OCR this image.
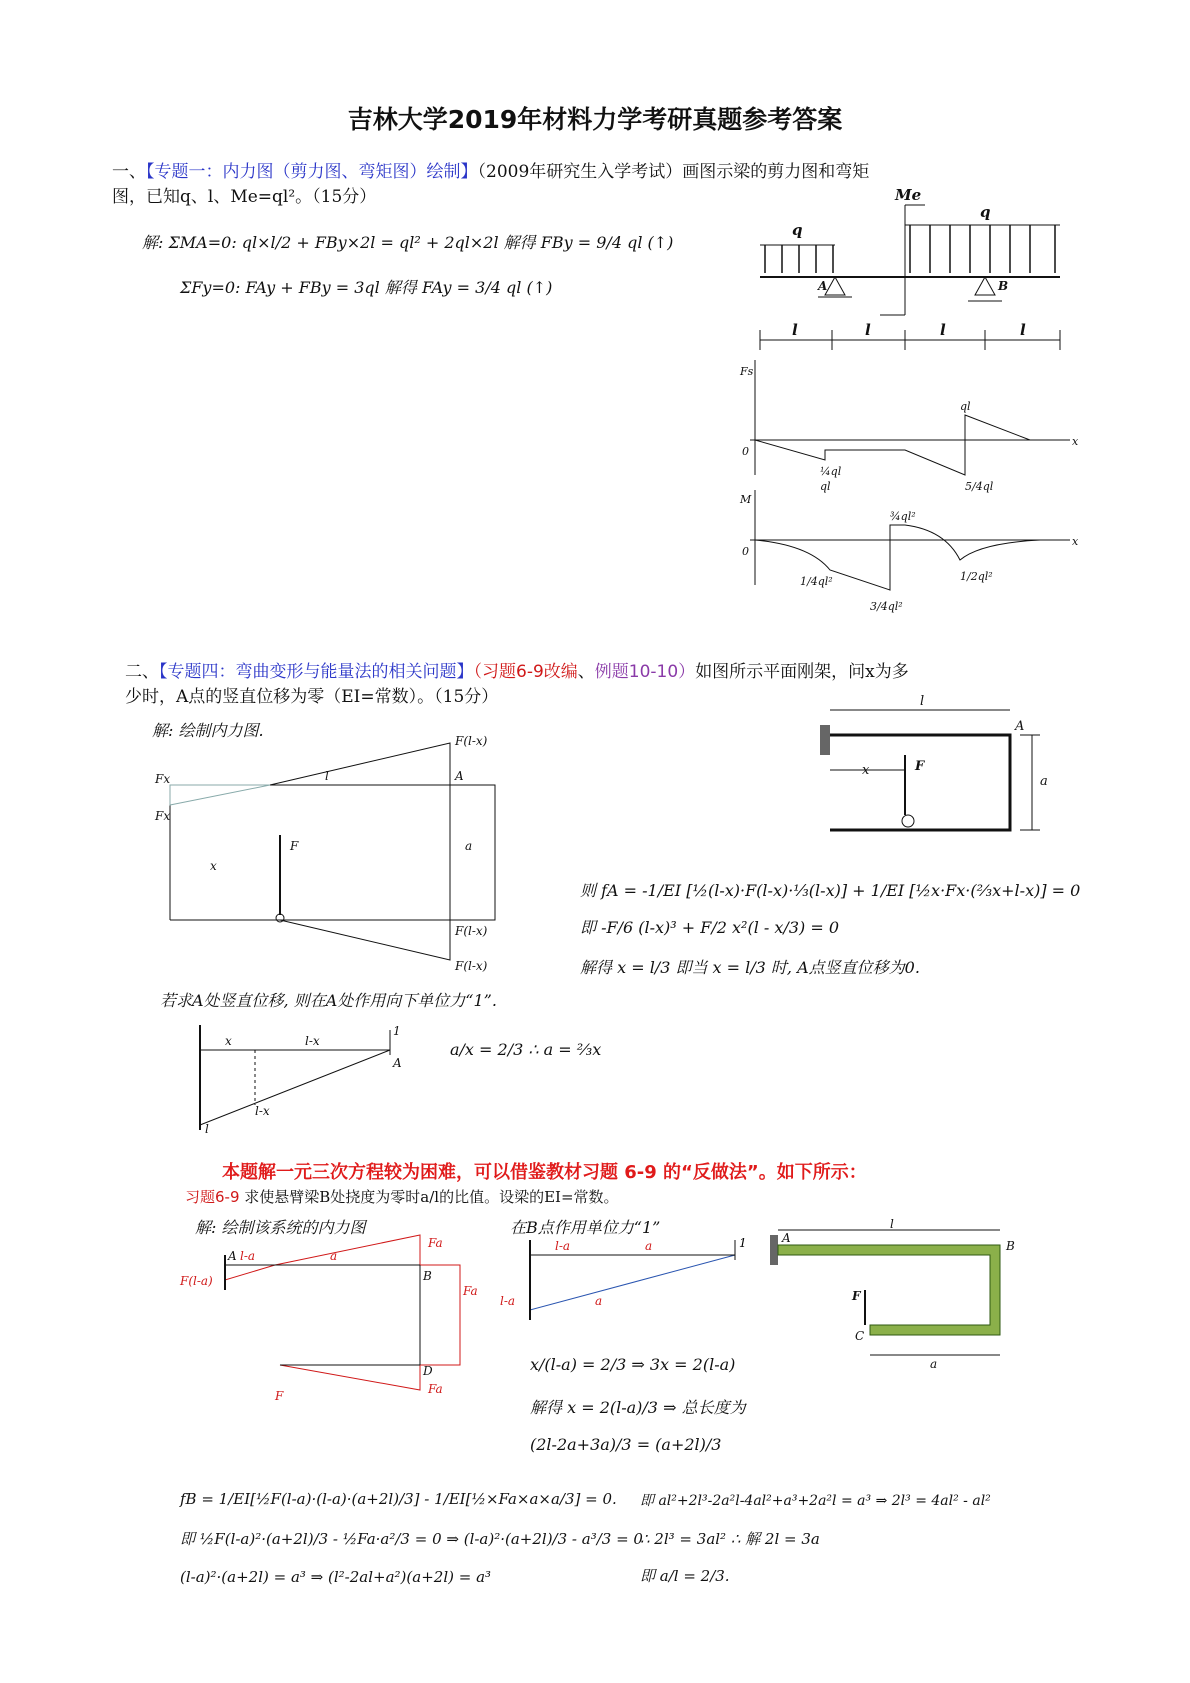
吉林大学2019年材料力学考研真题参考答案
一、【专题一：内力图（剪力图、弯矩图）绘制】（2009年研究生入学考试）画图示梁的剪力图和弯矩
图，已知q、l、Me=ql²。（15分）
解: ΣMA=0: ql×l/2 + FBy×2l = ql² + 2ql×2l 解得 FBy = 9/4 ql (↑)
ΣFy=0: FAy + FBy = 3ql 解得 FAy = 3/4 ql (↑)
q
q
Me
A	B
l	l	l	l
Fs
x
0
ql
¼ql
ql	5/4ql
M
x
0
¾ql²
1/4ql²
3/4ql²
1/2ql²
二、【专题四：弯曲变形与能量法的相关问题】（习题6-9改编、例题10-10）如图所示平面刚架，问x为多
少时，A点的竖直位移为零（EI=常数）。（15分）
解: 绘制内力图.
F(l-x)
Fx
Fx
F
A
l
x
a
F(l-x)
F(l-x)
l
A
x	F
a
则 fA = -1/EI [½(l-x)·F(l-x)·⅓(l-x)] + 1/EI [½x·Fx·(⅔x+l-x)] = 0
即 -F/6 (l-x)³ + F/2 x²(l - x/3) = 0
解得 x = l/3 即当 x = l/3 时, A点竖直位移为0.
若求A处竖直位移, 则在A处作用向下单位力“1”.
x	l-x
1
A
l-x
l
a/x = 2/3 ∴ a = ⅔x
本题解一元三次方程较为困难，可以借鉴教材习题 6-9 的“反做法”。如下所示：
习题6-9 求使悬臂梁B处挠度为零时a/l的比值。设梁的EI=常数。
解: 绘制该系统的内力图
Fa
Fa
Fa
F(l-a)
l-a	a
F
A
B
D
在B点作用单位力“1”
l-a	a
l-a	a
1
l
A
B
C
F
a
x/(l-a) = 2/3 ⇒ 3x = 2(l-a)
解得 x = 2(l-a)/3 ⇒ 总长度为
(2l-2a+3a)/3 = (a+2l)/3
fB = 1/EI[½F(l-a)·(l-a)·(a+2l)/3] - 1/EI[½×Fa×a×a/3] = 0.
即 ½F(l-a)²·(a+2l)/3 - ½Fa·a²/3 = 0 ⇒ (l-a)²·(a+2l)/3 - a³/3 = 0
(l-a)²·(a+2l) = a³ ⇒ (l²-2al+a²)(a+2l) = a³
即 al²+2l³-2a²l-4al²+a³+2a²l = a³ ⇒ 2l³ = 4al² - al²
∴ 2l³ = 3al² ∴ 解 2l = 3a
即 a/l = 2/3.
